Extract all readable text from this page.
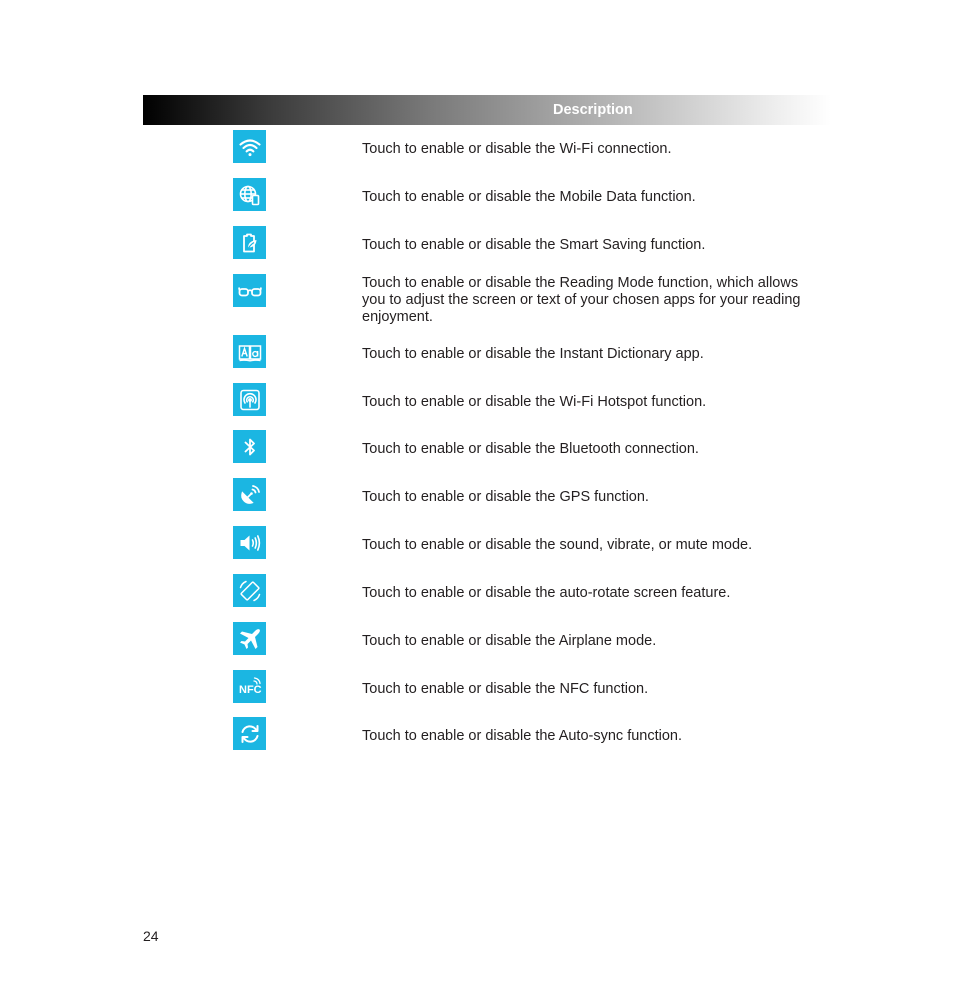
Description

Touch to enable or disable the Wi-Fi connection.

Touch to enable or disable the Mobile Data function.

Touch to enable or disable the Smart Saving function.

Touch to enable or disable the Reading Mode function, which allows you to adjust the screen or text of your chosen apps for your reading enjoyment.

Touch to enable or disable the Instant Dictionary app.

Touch to enable or disable the Wi-Fi Hotspot function.

Touch to enable or disable the Bluetooth connection.

Touch to enable or disable the GPS function.

Touch to enable or disable the sound, vibrate, or mute mode.

Touch to enable or disable the auto-rotate screen feature.

Touch to enable or disable the Airplane mode.

NFC	Touch to enable or disable the NFC function.

Touch to enable or disable the Auto-sync function.

24
